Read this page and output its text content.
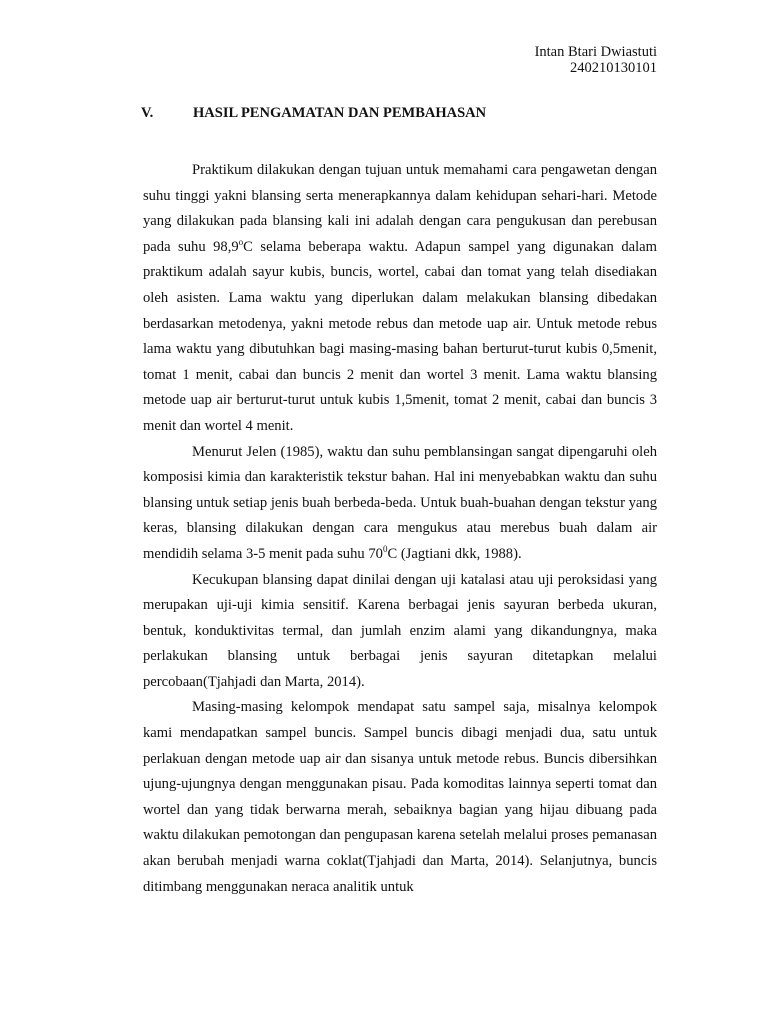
Intan Btari Dwiastuti
240210130101
V.	HASIL PENGAMATAN DAN PEMBAHASAN

Praktikum dilakukan dengan tujuan untuk memahami cara pengawetan dengan suhu tinggi yakni blansing serta menerapkannya dalam kehidupan sehari-hari. Metode yang dilakukan pada blansing kali ini adalah dengan cara pengukusan dan perebusan pada suhu 98,9$^o$C selama beberapa waktu. Adapun sampel yang digunakan dalam praktikum adalah sayur kubis, buncis, wortel, cabai dan tomat yang telah disediakan oleh asisten. Lama waktu yang diperlukan dalam melakukan blansing dibedakan berdasarkan metodenya, yakni metode rebus dan metode uap air. Untuk metode rebus lama waktu yang dibutuhkan bagi masing-masing bahan berturut-turut kubis 0,5menit, tomat 1 menit, cabai dan buncis 2 menit dan wortel 3 menit. Lama waktu blansing metode uap air berturut-turut untuk kubis 1,5menit, tomat 2 menit, cabai dan buncis 3 menit dan wortel 4 menit.

Menurut Jelen (1985), waktu dan suhu pemblansingan sangat dipengaruhi oleh komposisi kimia dan karakteristik tekstur bahan. Hal ini menyebabkan waktu dan suhu blansing untuk setiap jenis buah berbeda-beda. Untuk buah-buahan dengan tekstur yang keras, blansing dilakukan dengan cara mengukus atau merebus buah dalam air mendidih selama 3-5 menit pada suhu $70^0C$ (Jagtiani dkk, 1988).

Kecukupan blansing dapat dinilai dengan uji katalasi atau uji peroksidasi yang merupakan uji-uji kimia sensitif. Karena berbagai jenis sayuran berbeda ukuran, bentuk, konduktivitas termal, dan jumlah enzim alami yang dikandungnya, maka perlakukan blansing untuk berbagai jenis sayuran ditetapkan melalui percobaan(Tjahjadi dan Marta, 2014).

Masing-masing kelompok mendapat satu sampel saja, misalnya kelompok kami mendapatkan sampel buncis. Sampel buncis dibagi menjadi dua, satu untuk perlakuan dengan metode uap air dan sisanya untuk metode rebus. Buncis dibersihkan ujung-ujungnya dengan menggunakan pisau. Pada komoditas lainnya seperti tomat dan wortel dan yang tidak berwarna merah, sebaiknya bagian yang hijau dibuang pada waktu dilakukan pemotongan dan pengupasan karena setelah melalui proses pemanasan akan berubah menjadi warna coklat(Tjahjadi dan Marta, 2014). Selanjutnya, buncis ditimbang menggunakan neraca analitik untuk
